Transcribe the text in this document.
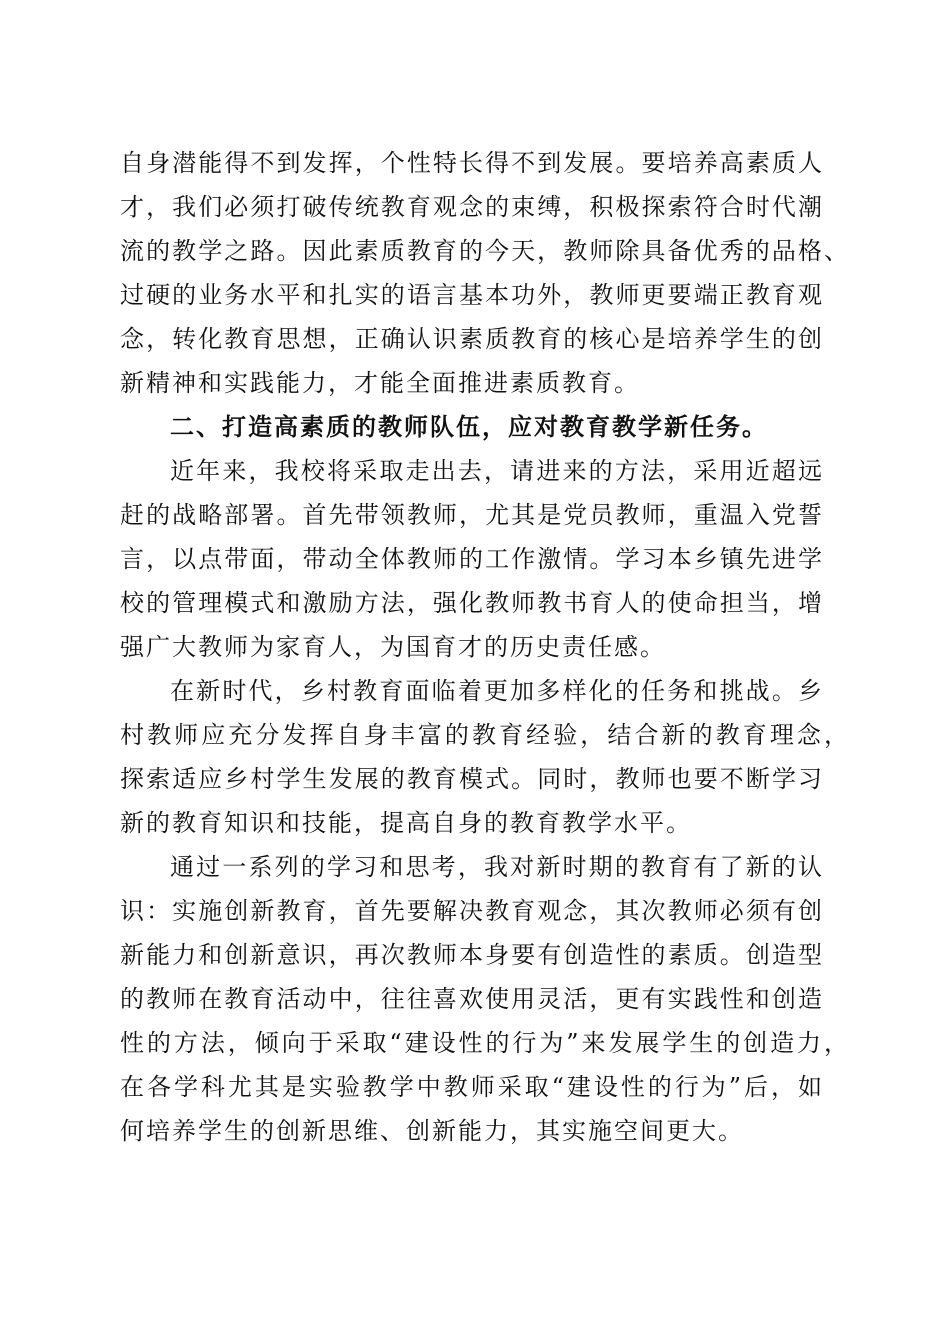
自身潜能得不到发挥，个性特长得不到发展。要培养高素质人
才，我们必须打破传统教育观念的束缚，积极探索符合时代潮
流的教学之路。因此素质教育的今天，教师除具备优秀的品格、
过硬的业务水平和扎实的语言基本功外，教师更要端正教育观
念，转化教育思想，正确认识素质教育的核心是培养学生的创
新精神和实践能力，才能全面推进素质教育。
二、打造高素质的教师队伍，应对教育教学新任务。
近年来，我校将采取走出去，请进来的方法，采用近超远
赶的战略部署。首先带领教师，尤其是党员教师，重温入党誓
言，以点带面，带动全体教师的工作激情。学习本乡镇先进学
校的管理模式和激励方法，强化教师教书育人的使命担当，增
强广大教师为家育人，为国育才的历史责任感。
在新时代，乡村教育面临着更加多样化的任务和挑战。乡
村教师应充分发挥自身丰富的教育经验，结合新的教育理念，
探索适应乡村学生发展的教育模式。同时，教师也要不断学习
新的教育知识和技能，提高自身的教育教学水平。
通过一系列的学习和思考，我对新时期的教育有了新的认
识：实施创新教育，首先要解决教育观念，其次教师必须有创
新能力和创新意识，再次教师本身要有创造性的素质。创造型
的教师在教育活动中，往往喜欢使用灵活，更有实践性和创造
性的方法，倾向于采取“建设性的行为”来发展学生的创造力，
在各学科尤其是实验教学中教师采取“建设性的行为”后，如
何培养学生的创新思维、创新能力，其实施空间更大。
